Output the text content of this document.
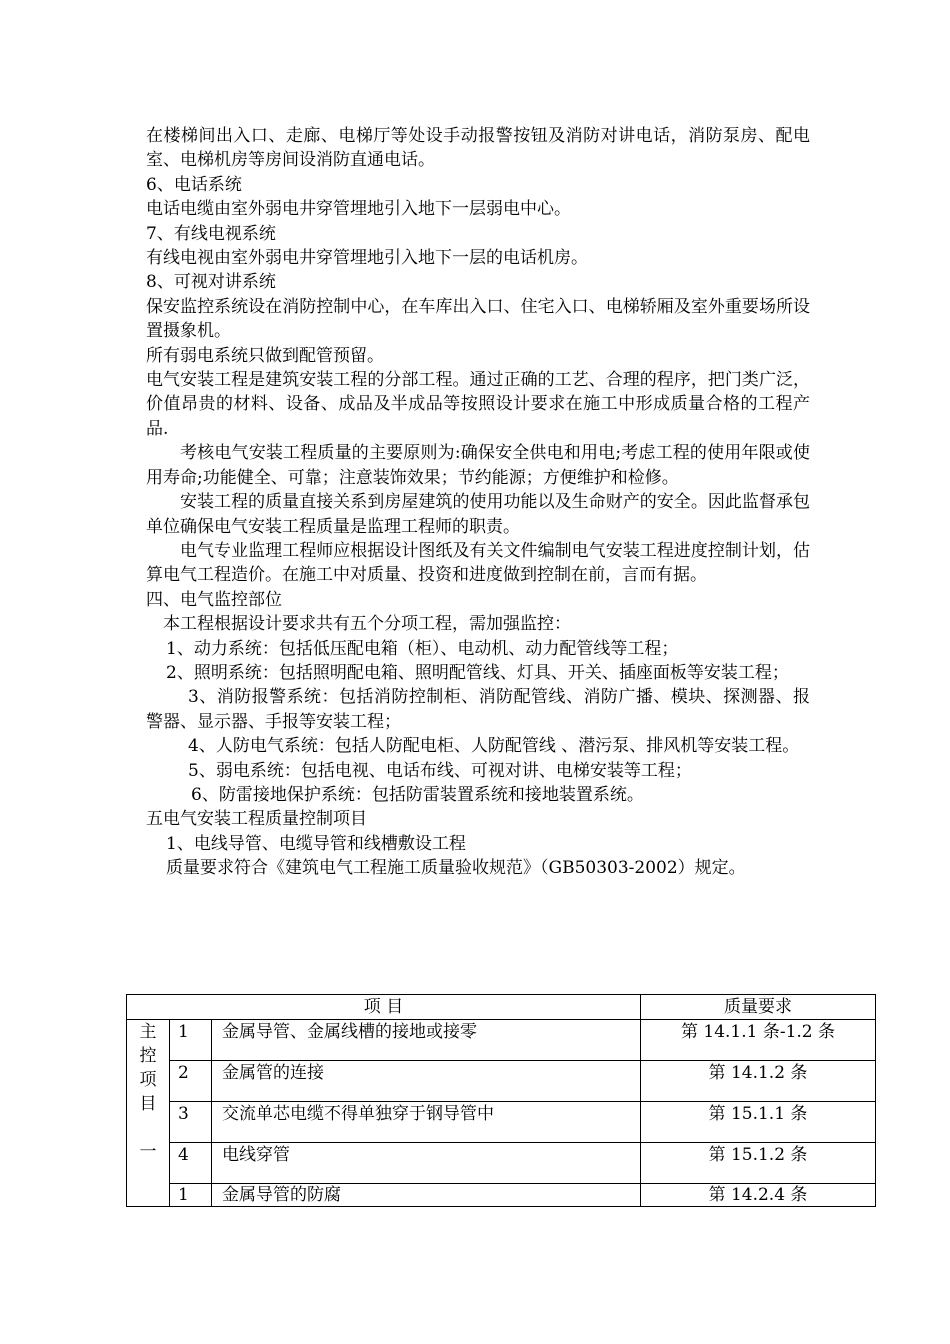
在楼梯间出入口、走廊、电梯厅等处设手动报警按钮及消防对讲电话，消防泵房、配电室、电梯机房等房间设消防直通电话。

6、电话系统

电话电缆由室外弱电井穿管埋地引入地下一层弱电中心。

7、有线电视系统

有线电视由室外弱电井穿管埋地引入地下一层的电话机房。

8、可视对讲系统

保安监控系统设在消防控制中心，在车库出入口、住宅入口、电梯轿厢及室外重要场所设置摄象机。

所有弱电系统只做到配管预留。

电气安装工程是建筑安装工程的分部工程。通过正确的工艺、合理的程序，把门类广泛，价值昂贵的材料、设备、成品及半成品等按照设计要求在施工中形成质量合格的工程产品.

考核电气安装工程质量的主要原则为:确保安全供电和用电;考虑工程的使用年限或使用寿命;功能健全、可靠；注意装饰效果；节约能源；方便维护和检修。

安装工程的质量直接关系到房屋建筑的使用功能以及生命财产的安全。因此监督承包单位确保电气安装工程质量是监理工程师的职责。

电气专业监理工程师应根据设计图纸及有关文件编制电气安装工程进度控制计划，估算电气工程造价。在施工中对质量、投资和进度做到控制在前，言而有据。

四、电气监控部位

本工程根据设计要求共有五个分项工程，需加强监控：

1、动力系统：包括低压配电箱（柜）、电动机、动力配管线等工程；

2、照明系统：包括照明配电箱、照明配管线、灯具、开关、插座面板等安装工程；

3、消防报警系统：包括消防控制柜、消防配管线、消防广播、模块、探测器、报警器、显示器、手报等安装工程；

4、人防电气系统：包括人防配电柜、人防配管线 、潜污泵、排风机等安装工程。

5、弱电系统：包括电视、电话布线、可视对讲、电梯安装等工程；

6、防雷接地保护系统：包括防雷装置系统和接地装置系统。

五电气安装工程质量控制项目

1、电线导管、电缆导管和线槽敷设工程

质量要求符合《建筑电气工程施工质量验收规范》（GB50303-2002）规定。

项 目			质量要求

主
控
项
目

一	1	金属导管、金属线槽的接地或接零	第 14.1.1 条-1.2 条
	2	金属管的连接	第 14.1.2 条
	3	交流单芯电缆不得单独穿于钢导管中	第 15.1.1 条
	4	电线穿管	第 15.1.2 条
	1	金属导管的防腐	第 14.2.4 条
